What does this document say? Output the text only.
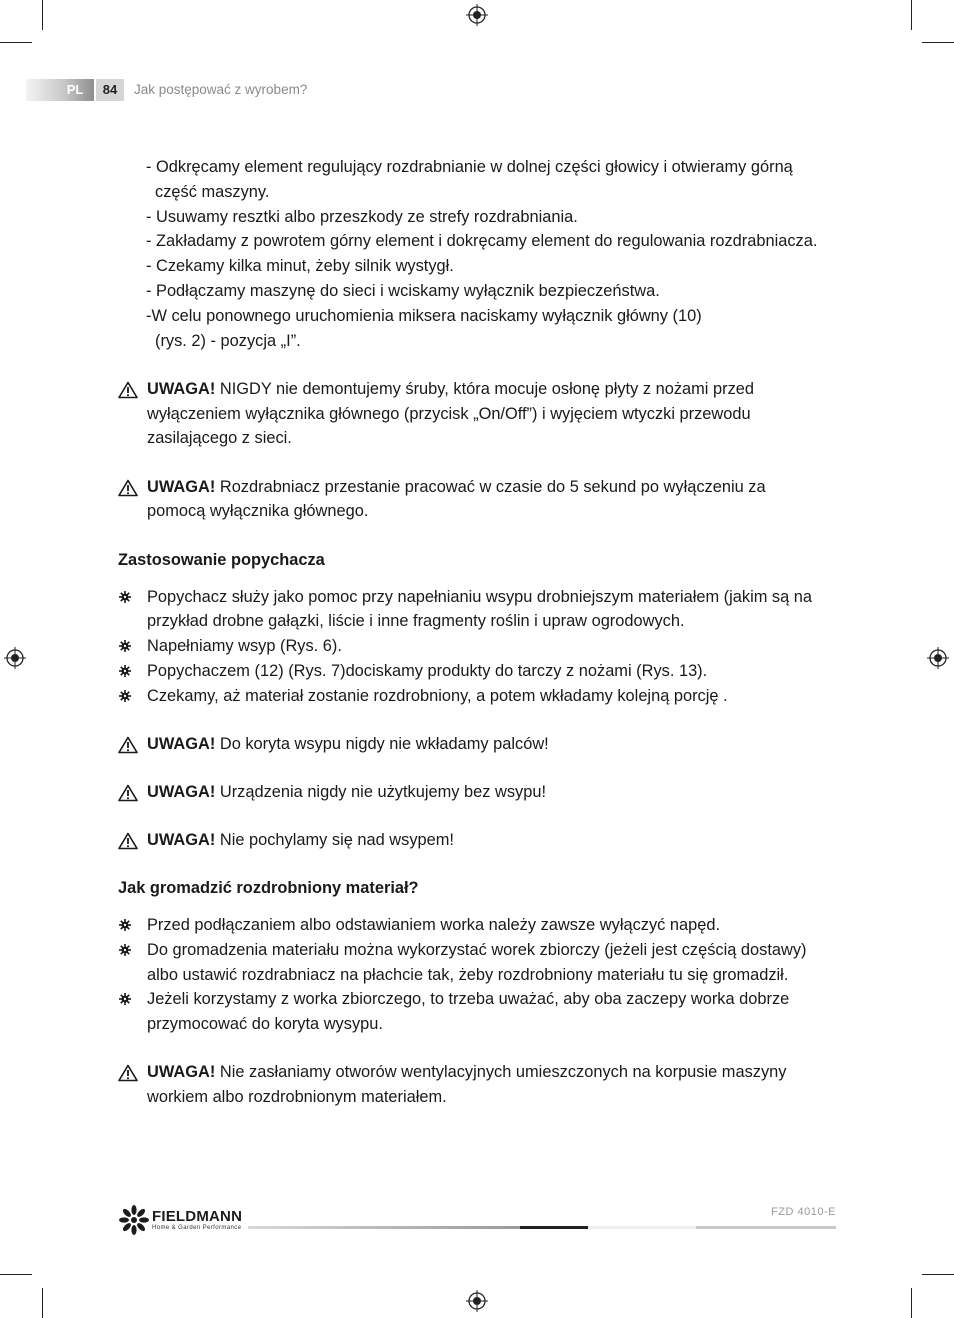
PL	84	Jak postępować z wyrobem?

- Odkręcamy element regulujący rozdrabnianie w dolnej części głowicy i otwieramy górną

część maszyny.

- Usuwamy resztki albo przeszkody ze strefy rozdrabniania.

- Zakładamy z powrotem górny element i dokręcamy element do regulowania rozdrabniacza.

- Czekamy kilka minut, żeby silnik wystygł.

- Podłączamy maszynę do sieci i wciskamy wyłącznik bezpieczeństwa.

-W celu ponownego uruchomienia miksera naciskamy wyłącznik główny (10)

(rys. 2) - pozycja „I”.

UWAGA! NIGDY nie demontujemy śruby, która mocuje osłonę płyty z nożami przed

wyłączeniem wyłącznika głównego (przycisk „On/Off”) i wyjęciem wtyczki przewodu

zasilającego z sieci.

UWAGA! Rozdrabniacz przestanie pracować w czasie do 5 sekund po wyłączeniu za

pomocą wyłącznika głównego.

Zastosowanie popychacza

Popychacz służy jako pomoc przy napełnianiu wsypu drobniejszym materiałem (jakim są na

przykład drobne gałązki, liście i inne fragmenty roślin i upraw ogrodowych.

Napełniamy wsyp (Rys. 6).

Popychaczem (12) (Rys. 7)dociskamy produkty do tarczy z nożami (Rys. 13).

Czekamy, aż materiał zostanie rozdrobniony, a potem wkładamy kolejną porcję .

UWAGA! Do koryta wsypu nigdy nie wkładamy palców!

UWAGA! Urządzenia nigdy nie użytkujemy bez wsypu!

UWAGA! Nie pochylamy się nad wsypem!

Jak gromadzić rozdrobniony materiał?

Przed podłączaniem albo odstawianiem worka należy zawsze wyłączyć napęd.

Do gromadzenia materiału można wykorzystać worek zbiorczy (jeżeli jest częścią dostawy)

albo ustawić rozdrabniacz na płachcie tak, żeby rozdrobniony materiału tu się gromadził.

Jeżeli korzystamy z worka zbiorczego, to trzeba uważać, aby oba zaczepy worka dobrze

przymocować do koryta wysypu.

UWAGA! Nie zasłaniamy otworów wentylacyjnych umieszczonych na korpusie maszyny

workiem albo rozdrobnionym materiałem.

FIELDMANN
Home & Garden Performance
FZD 4010-E
